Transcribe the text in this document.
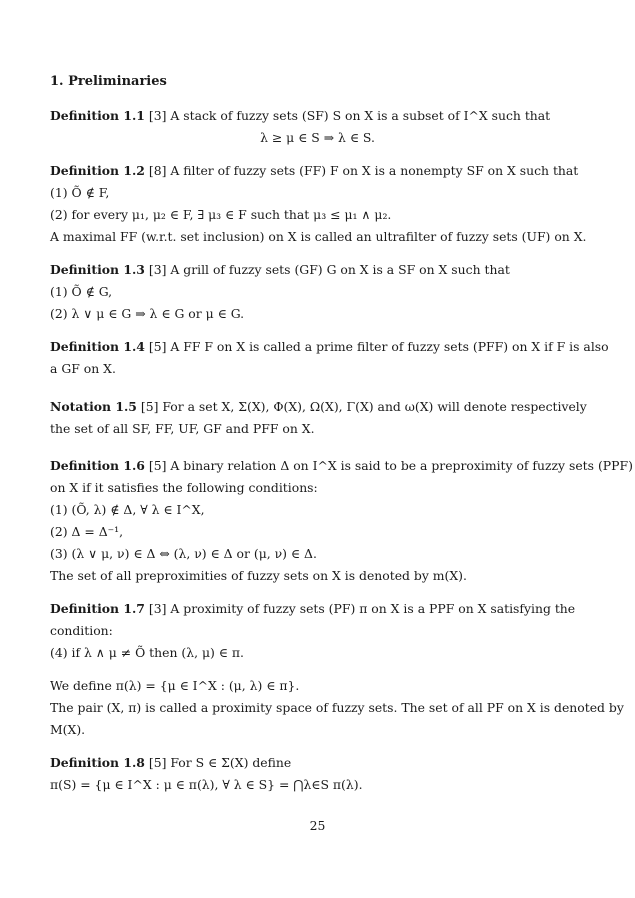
1. Preliminaries
Definition 1.1 [3] A stack of fuzzy sets (SF) S on X is a subset of I^X such that
λ ≥ μ ∈ S ⇒ λ ∈ S.
Definition 1.2 [8] A filter of fuzzy sets (FF) F on X is a nonempty SF on X such that
(1) Õ ∉ F,
(2) for every μ₁, μ₂ ∈ F, ∃ μ₃ ∈ F such that μ₃ ≤ μ₁ ∧ μ₂.
A maximal FF (w.r.t. set inclusion) on X is called an ultrafilter of fuzzy sets (UF) on X.
Definition 1.3 [3] A grill of fuzzy sets (GF) G on X is a SF on X such that
(1) Õ ∉ G,
(2) λ ∨ μ ∈ G ⇒ λ ∈ G or μ ∈ G.
Definition 1.4 [5] A FF F on X is called a prime filter of fuzzy sets (PFF) on X if F is also
a GF on X.
Notation 1.5 [5] For a set X, Σ(X), Φ(X), Ω(X), Γ(X) and ω(X) will denote respectively
the set of all SF, FF, UF, GF and PFF on X.
Definition 1.6 [5] A binary relation Δ on I^X is said to be a preproximity of fuzzy sets (PPF)
on X if it satisfies the following conditions:
(1) (Õ, λ) ∉ Δ, ∀ λ ∈ I^X,
(2) Δ = Δ⁻¹,
(3) (λ ∨ μ, ν) ∈ Δ ⇔ (λ, ν) ∈ Δ or (μ, ν) ∈ Δ.
The set of all preproximities of fuzzy sets on X is denoted by m(X).
Definition 1.7 [3] A proximity of fuzzy sets (PF) π on X is a PPF on X satisfying the
condition:
(4) if λ ∧ μ ≠ Õ then (λ, μ) ∈ π.
We define π(λ) = {μ ∈ I^X : (μ, λ) ∈ π}.
The pair (X, π) is called a proximity space of fuzzy sets. The set of all PF on X is denoted by
M(X).
Definition 1.8 [5] For S ∈ Σ(X) define
π(S) = {μ ∈ I^X : μ ∈ π(λ), ∀ λ ∈ S} = ⋂λ∈S π(λ).
25
